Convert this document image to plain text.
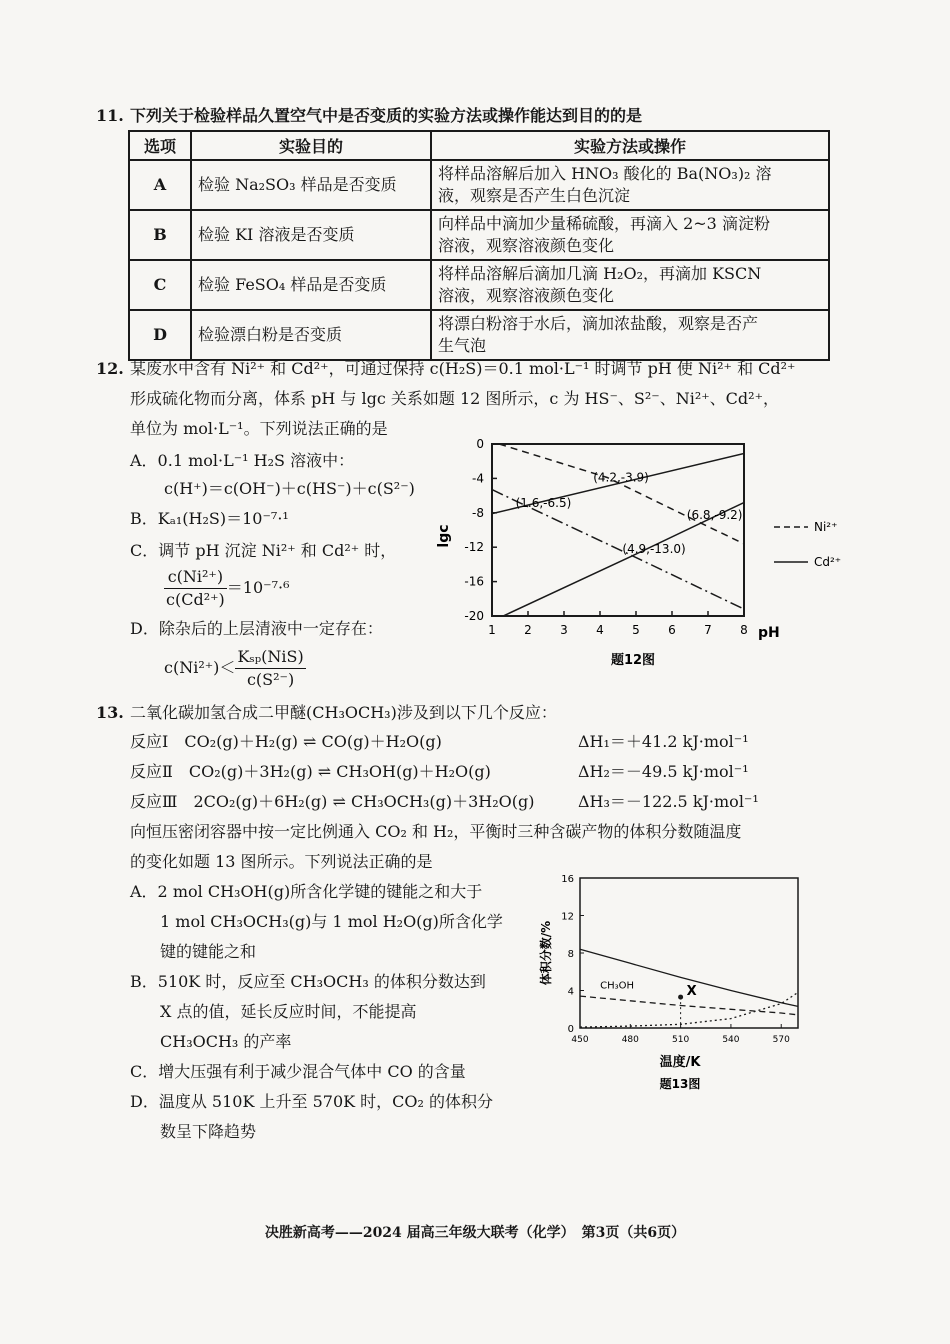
11. 下列关于检验样品久置空气中是否变质的实验方法或操作能达到目的的是
选项	实验目的	实验方法或操作
A	检验 Na₂SO₃ 样品是否变质	将样品溶解后加入 HNO₃ 酸化的 Ba(NO₃)₂ 溶
液，观察是否产生白色沉淀
B	检验 KI 溶液是否变质	向样品中滴加少量稀硫酸，再滴入 2~3 滴淀粉
溶液，观察溶液颜色变化
C	检验 FeSO₄ 样品是否变质	将样品溶解后滴加几滴 H₂O₂，再滴加 KSCN
溶液，观察溶液颜色变化
D	检验漂白粉是否变质	将漂白粉溶于水后，滴加浓盐酸，观察是否产
生气泡
12. 某废水中含有 Ni²⁺ 和 Cd²⁺，可通过保持 c(H₂S)＝0.1 mol·L⁻¹ 时调节 pH 使 Ni²⁺ 和 Cd²⁺
形成硫化物而分离，体系 pH 与 lgc 关系如题 12 图所示，c 为 HS⁻、S²⁻、Ni²⁺、Cd²⁺，
单位为 mol·L⁻¹。下列说法正确的是
A．0.1 mol·L⁻¹ H₂S 溶液中：
c(H⁺)＝c(OH⁻)＋c(HS⁻)＋c(S²⁻)
B．Kₐ₁(H₂S)＝10⁻⁷·¹
C．调节 pH 沉淀 Ni²⁺ 和 Cd²⁺ 时，
$\frac{\text{c(Ni²⁺)}}{\text{c(Cd²⁺)}} =10^{-7}\cdot^6$
D．除杂后的上层清液中一定存在：
$c(Ni^{2+})< \frac{\text{Kₛₚ(NiS)}}{\text{c(S²⁻)}}$
0
-4
-8
-12
-16
-20
1 2 3 4 5 6 7 8
(4.2,-3.9)
(1.6,-6.5)
(6.8,-9.2)
(4.9,-13.0)
lgc
pH
题12图
Ni²⁺
Cd²⁺
13. 二氧化碳加氢合成二甲醚(CH₃OCH₃)涉及到以下几个反应：
反应Ⅰ　 CO₂(g)＋H₂(g) ⇌ CO(g)＋H₂O(g)	ΔH₁＝＋41.2 kJ·mol⁻¹
反应Ⅱ　 CO₂(g)＋3H₂(g) ⇌ CH₃OH(g)＋H₂O(g)	ΔH₂＝－49.5 kJ·mol⁻¹
反应Ⅲ　 2CO₂(g)＋6H₂(g) ⇌ CH₃OCH₃(g)＋3H₂O(g)	ΔH₃＝－122.5 kJ·mol⁻¹
向恒压密闭容器中按一定比例通入 CO₂ 和 H₂，平衡时三种含碳产物的体积分数随温度
的变化如题 13 图所示。下列说法正确的是
A．2 mol CH₃OH(g)所含化学键的键能之和大于
1 mol CH₃OCH₃(g)与 1 mol H₂O(g)所含化学
键的键能之和
B．510K 时，反应至 CH₃OCH₃ 的体积分数达到
X 点的值，延长反应时间，不能提高
CH₃OCH₃ 的产率
C．增大压强有利于减少混合气体中 CO 的含量
D．温度从 510K 上升至 570K 时，CO₂ 的体积分
数呈下降趋势
16
12
8
4
0
450	480	510	540	570
X
CH₃OH
体积分数/%
温度/K
题13图
决胜新高考——2024 届高三年级大联考（化学）　第3页（共6页）
